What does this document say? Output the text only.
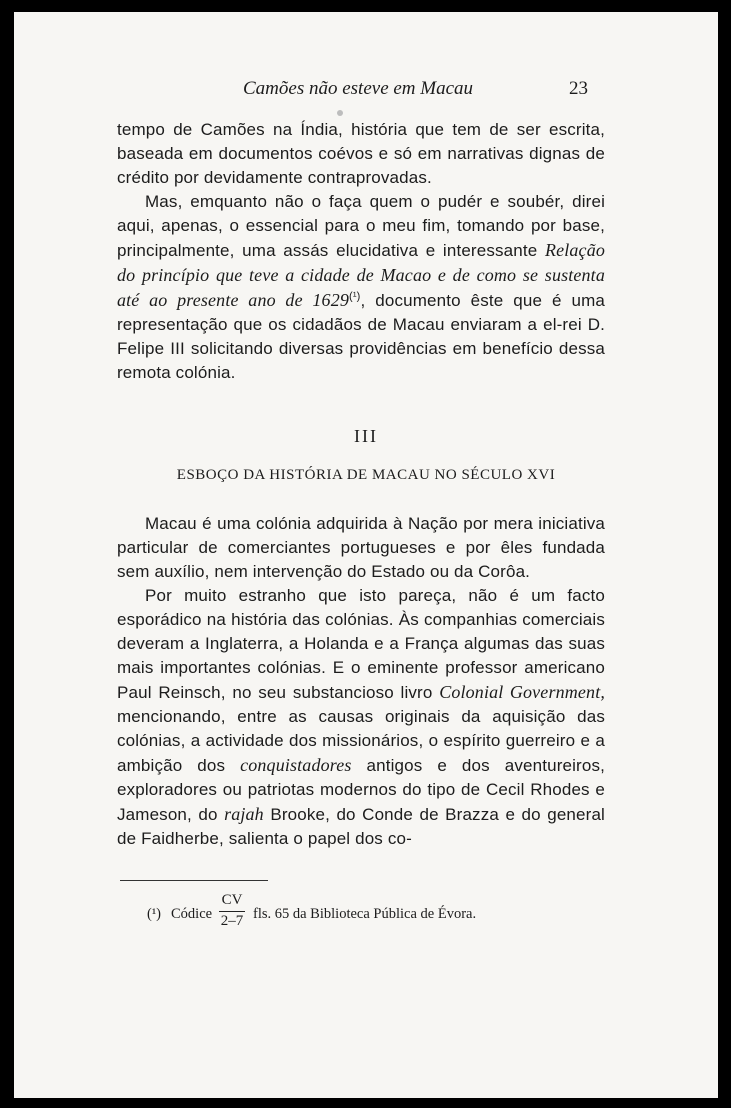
Camões não esteve em Macau	23

tempo de Camões na Índia, história que tem de ser escrita, baseada em documentos coévos e só em narrativas dignas de crédito por devidamente contraprovadas.

Mas, emquanto não o faça quem o pudér e soubér, direi aqui, apenas, o essencial para o meu fim, tomando por base, principalmente, uma assás elucidativa e interessante Relação do princípio que teve a cidade de Macao e de como se sustenta até ao presente ano de $1629^{(^1)}$, documento êste que é uma representação que os cidadãos de Macau enviaram a el-rei D. Felipe III solicitando diversas providências em benefício dessa remota colónia.

III
ESBOÇO DA HISTÓRIA DE MACAU NO SÉCULO XVI

Macau é uma colónia adquirida à Nação por mera iniciativa particular de comerciantes portugueses e por êles fundada sem auxílio, nem intervenção do Estado ou da Corôa.

Por muito estranho que isto pareça, não é um facto esporádico na história das colónias. Às companhias comerciais deveram a Inglaterra, a Holanda e a França algumas das suas mais importantes colónias. E o eminente professor americano Paul Reinsch, no seu substancioso livro Colonial Government, mencionando, entre as causas originais da aquisição das colónias, a actividade dos missionários, o espírito guerreiro e a ambição dos conquistadores antigos e dos aventureiros, exploradores ou patriotas modernos do tipo de Cecil Rhodes e Jameson, do rajah Brooke, do Conde de Brazza e do general de Faidherbe, salienta o papel dos co-

(¹) Códice
CV
2–7 fls. 65 da Biblioteca Pública de Évora.
